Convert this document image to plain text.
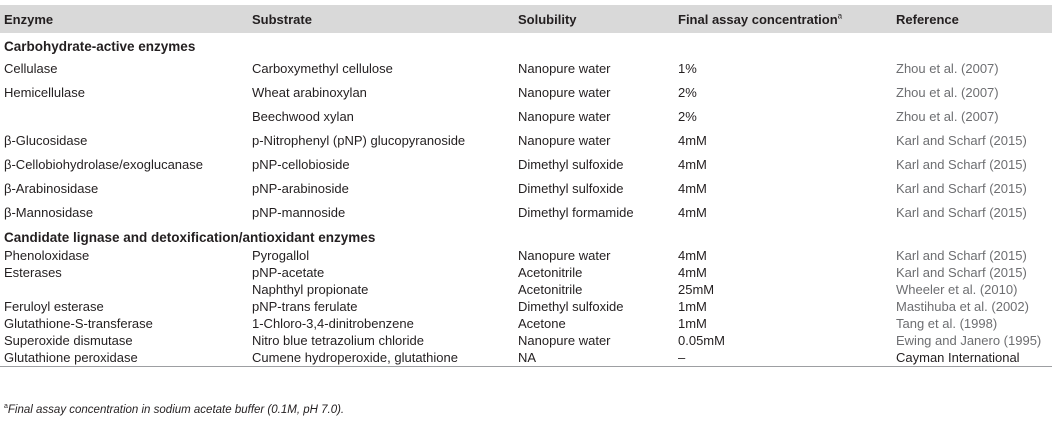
Enzyme	Substrate	Solubility	Final assay concentration$^a$	Reference
Carbohydrate-active enzymes				
Cellulase	Carboxymethyl cellulose	Nanopure water	1%	Zhou et al. (2007)
Hemicellulase	Wheat arabinoxylan	Nanopure water	2%	Zhou et al. (2007)
	Beechwood xylan	Nanopure water	2%	Zhou et al. (2007)
β-Glucosidase	p-Nitrophenyl (pNP) glucopyranoside	Nanopure water	4mM	Karl and Scharf (2015)
β-Cellobiohydrolase/exoglucanase	pNP-cellobioside	Dimethyl sulfoxide	4mM	Karl and Scharf (2015)
β-Arabinosidase	pNP-arabinoside	Dimethyl sulfoxide	4mM	Karl and Scharf (2015)
β-Mannosidase	pNP-mannoside	Dimethyl formamide	4mM	Karl and Scharf (2015)
Candidate lignase and detoxification/antioxidant enzymes				
Phenoloxidase	Pyrogallol	Nanopure water	4mM	Karl and Scharf (2015)
Esterases	pNP-acetate	Acetonitrile	4mM	Karl and Scharf (2015)
	Naphthyl propionate	Acetonitrile	25mM	Wheeler et al. (2010)
Feruloyl esterase	pNP-trans ferulate	Dimethyl sulfoxide	1mM	Mastihuba et al. (2002)
Glutathione-S-transferase	1-Chloro-3,4-dinitrobenzene	Acetone	1mM	Tang et al. (1998)
Superoxide dismutase	Nitro blue tetrazolium chloride	Nanopure water	0.05mM	Ewing and Janero (1995)
Glutathione peroxidase	Cumene hydroperoxide, glutathione	NA	–	Cayman International
$^a$Final assay concentration in sodium acetate buffer (0.1M, pH 7.0).
